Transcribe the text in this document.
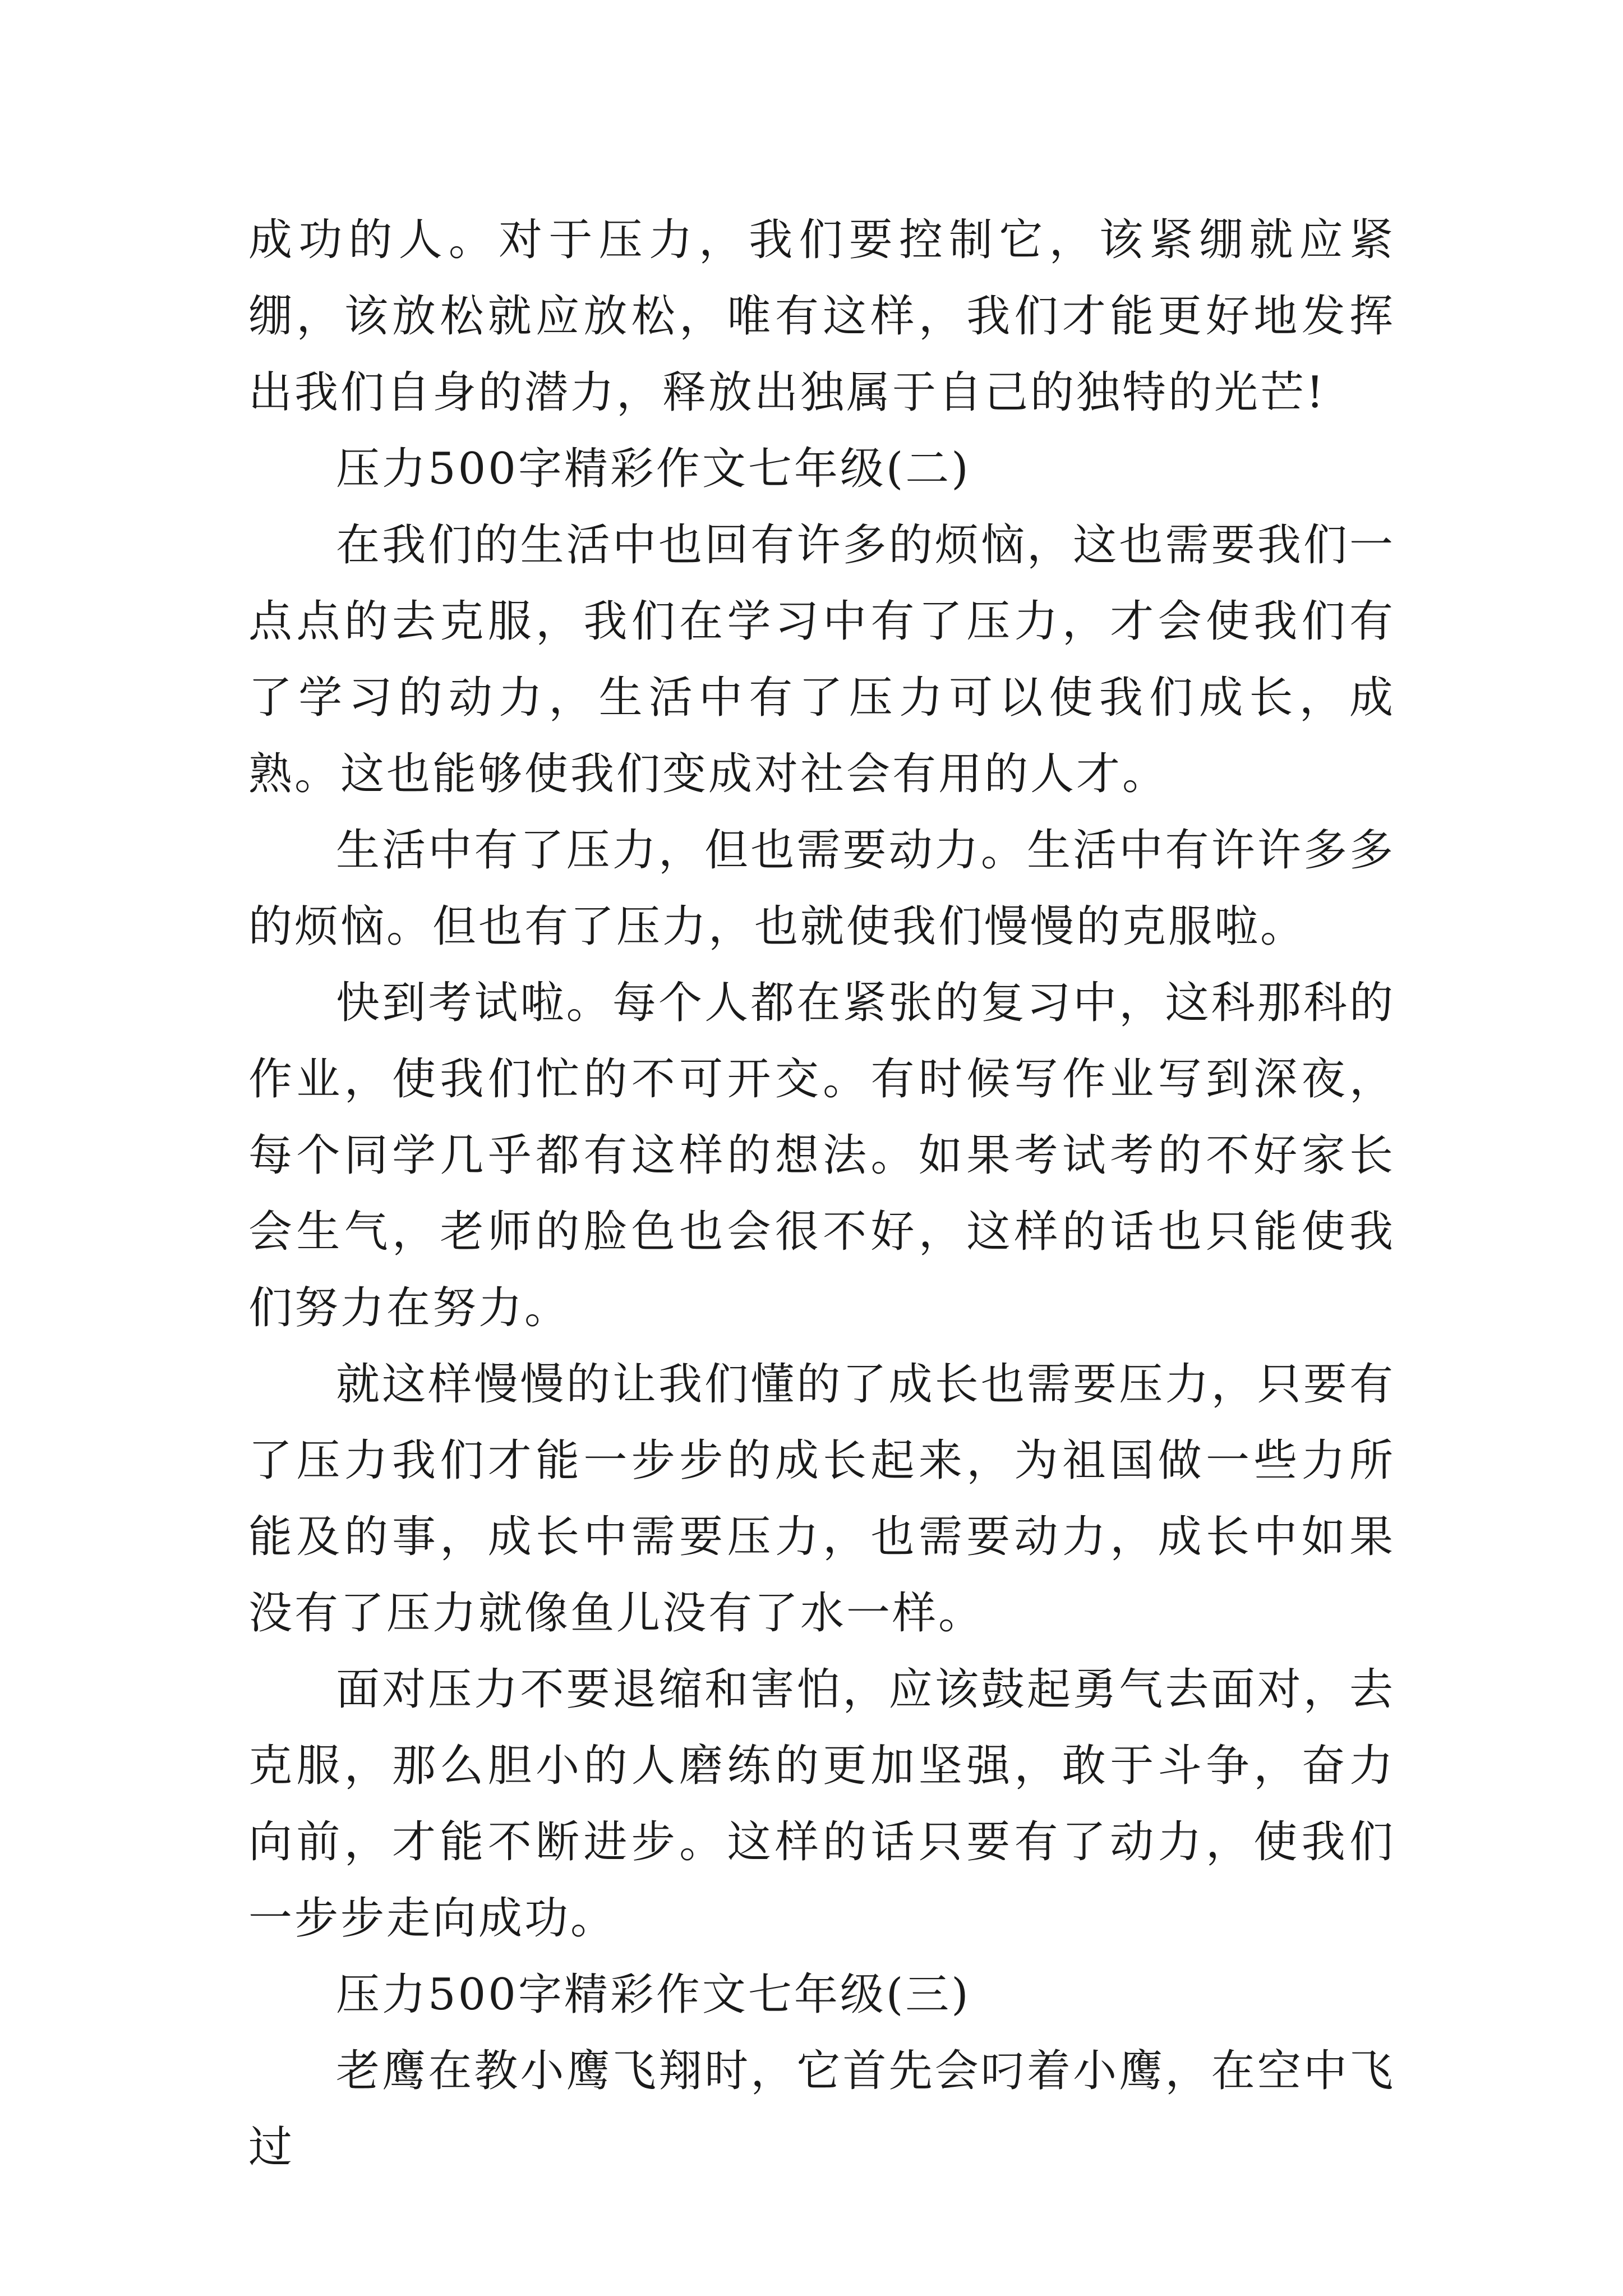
成功的人。对于压力，我们要控制它，该紧绷就应紧绷，该放松就应放松，唯有这样，我们才能更好地发挥出我们自身的潜力，释放出独属于自己的独特的光芒!

压力500字精彩作文七年级(二)

在我们的生活中也回有许多的烦恼，这也需要我们一点点的去克服，我们在学习中有了压力，才会使我们有了学习的动力，生活中有了压力可以使我们成长，成熟。这也能够使我们变成对社会有用的人才。

生活中有了压力，但也需要动力。生活中有许许多多的烦恼。但也有了压力，也就使我们慢慢的克服啦。

快到考试啦。每个人都在紧张的复习中，这科那科的作业，使我们忙的不可开交。有时候写作业写到深夜，每个同学几乎都有这样的想法。如果考试考的不好家长会生气，老师的脸色也会很不好，这样的话也只能使我们努力在努力。

就这样慢慢的让我们懂的了成长也需要压力，只要有了压力我们才能一步步的成长起来，为祖国做一些力所能及的事，成长中需要压力，也需要动力，成长中如果没有了压力就像鱼儿没有了水一样。

面对压力不要退缩和害怕，应该鼓起勇气去面对，去克服，那么胆小的人磨练的更加坚强，敢于斗争，奋力向前，才能不断进步。这样的话只要有了动力，使我们一步步走向成功。

压力500字精彩作文七年级(三)

老鹰在教小鹰飞翔时，它首先会叼着小鹰，在空中飞过
